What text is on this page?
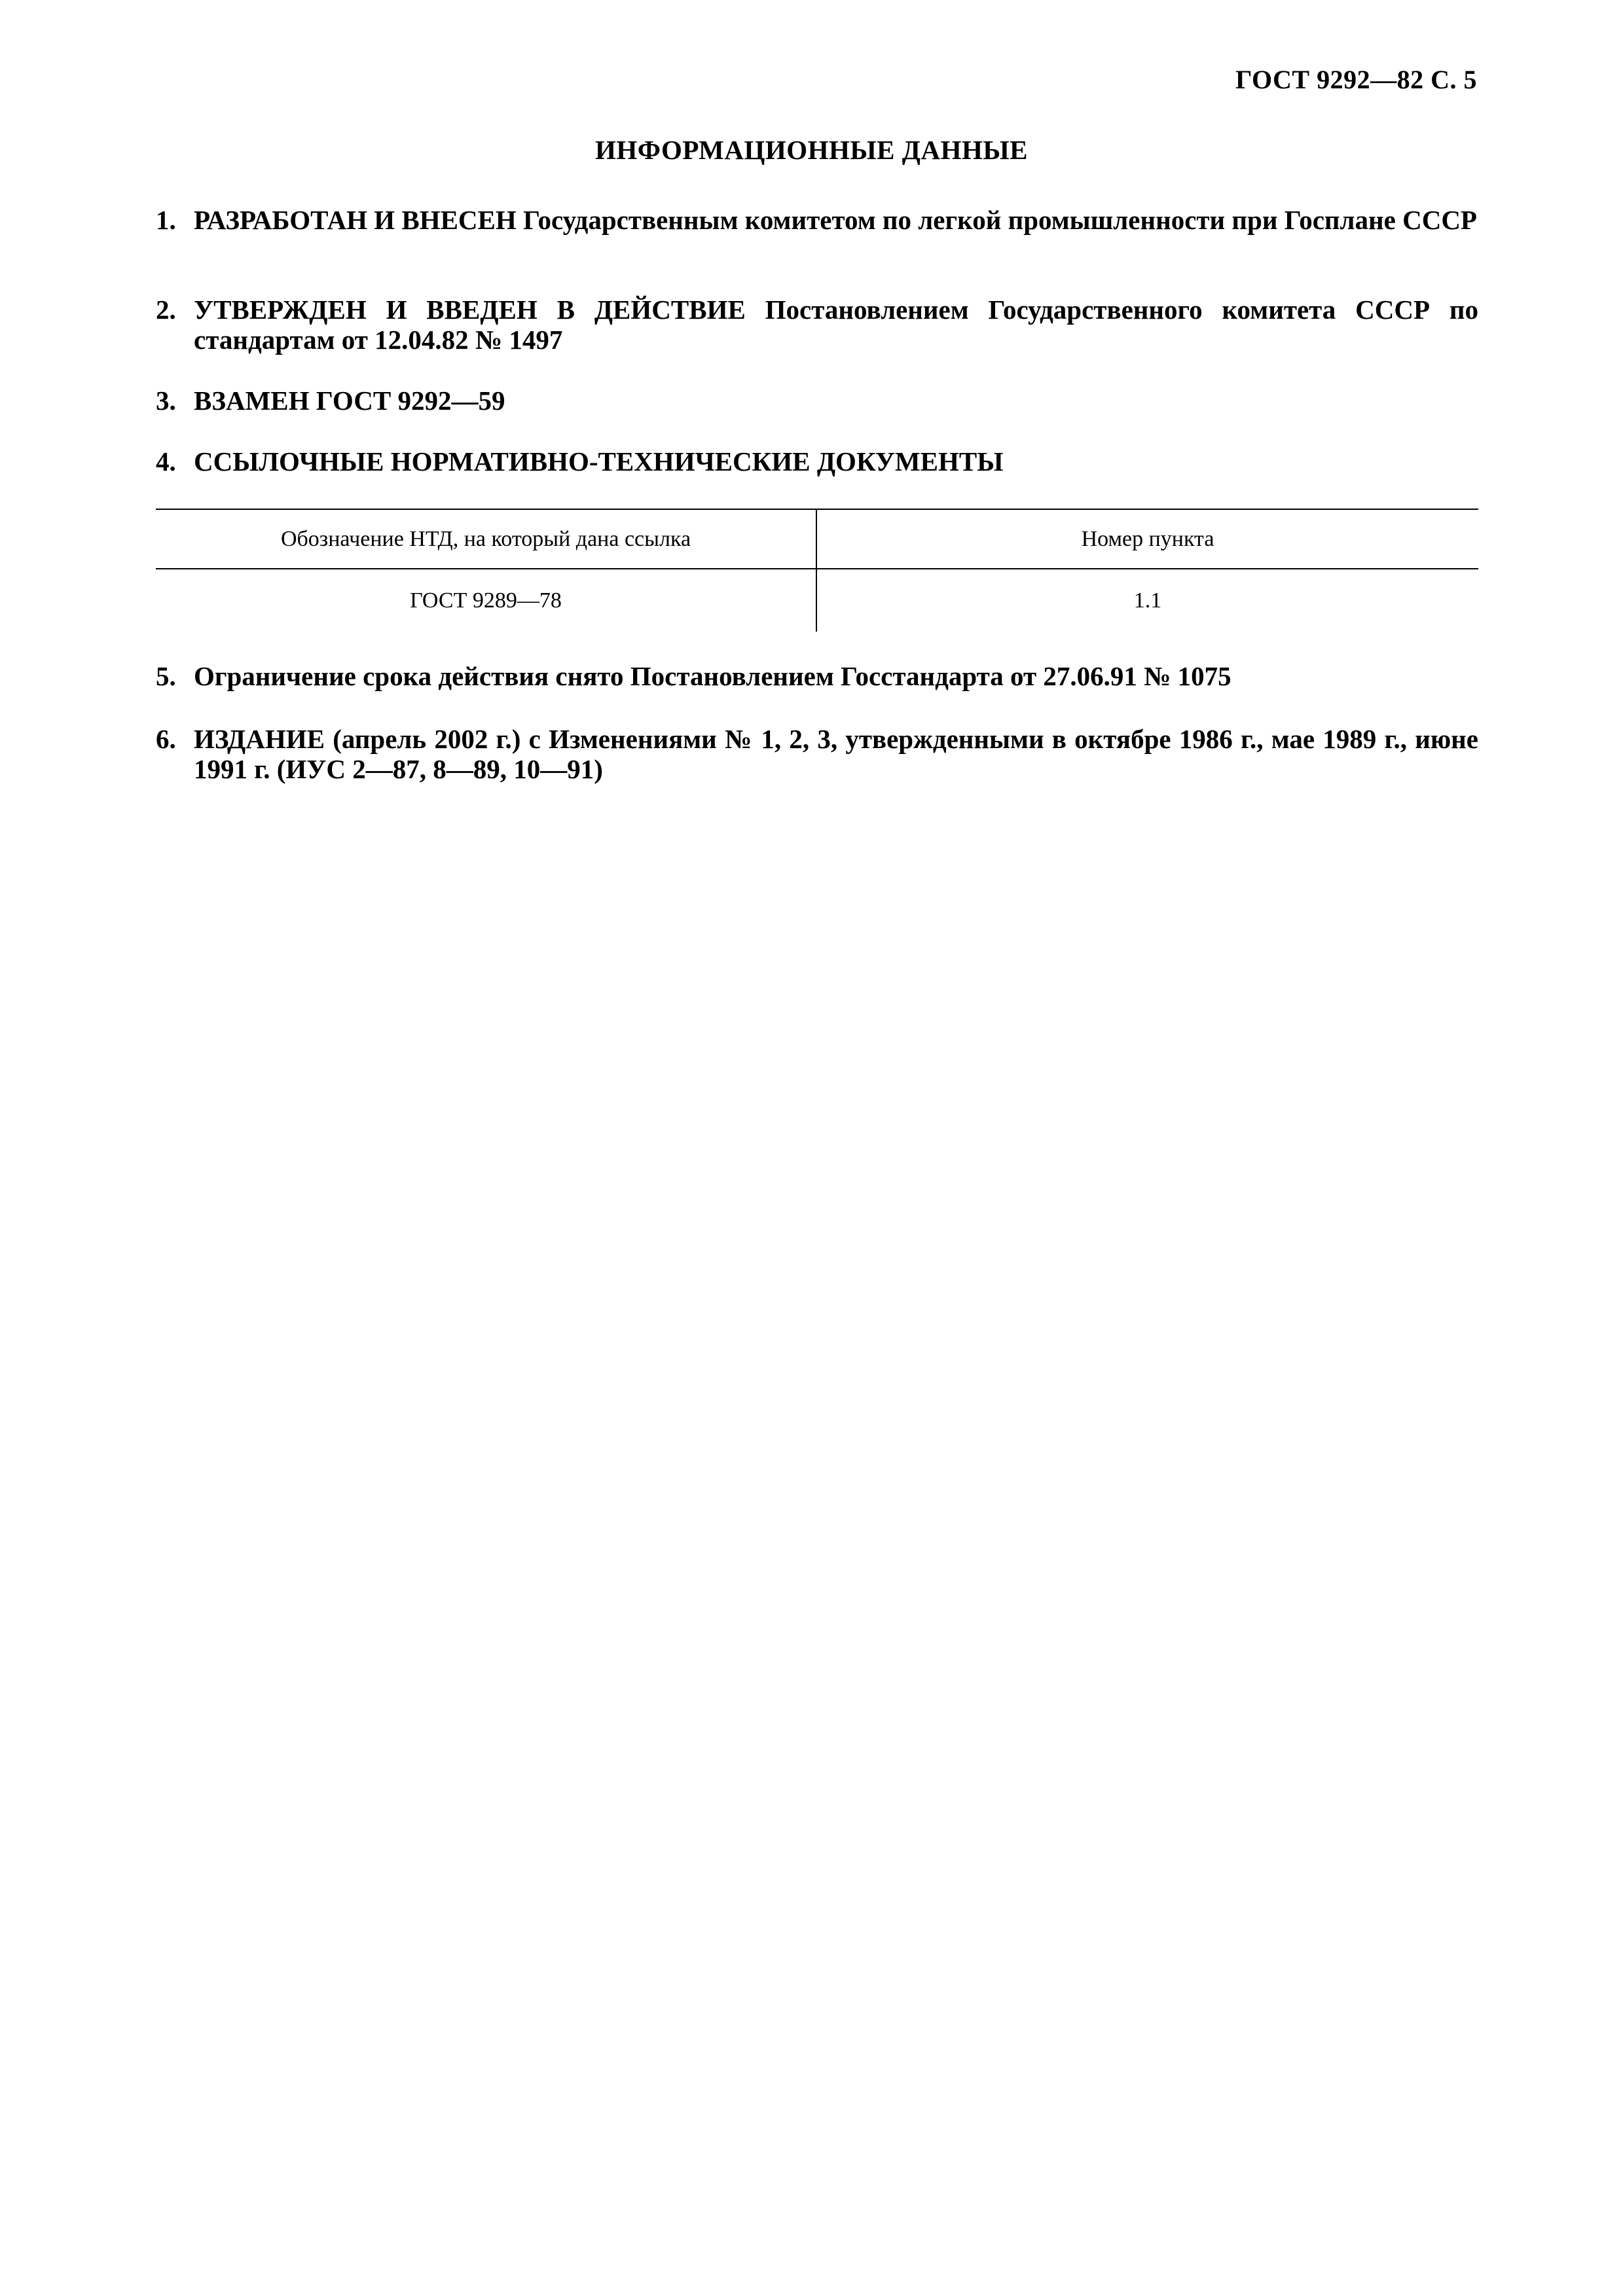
ГОСТ 9292—82 С. 5
ИНФОРМАЦИОННЫЕ ДАННЫЕ
1. РАЗРАБОТАН И ВНЕСЕН Государственным комитетом по легкой промышленности при Госплане СССР
2. УТВЕРЖДЕН И ВВЕДЕН В ДЕЙСТВИЕ Постановлением Государственного комитета СССР по стандартам от 12.04.82 № 1497
3. ВЗАМЕН ГОСТ 9292—59
4. ССЫЛОЧНЫЕ НОРМАТИВНО-ТЕХНИЧЕСКИЕ ДОКУМЕНТЫ
Обозначение НТД, на который дана ссылка	Номер пункта
ГОСТ 9289—78	1.1
5. Ограничение срока действия снято Постановлением Госстандарта от 27.06.91 № 1075
6. ИЗДАНИЕ (апрель 2002 г.) с Изменениями № 1, 2, 3, утвержденными в октябре 1986 г., мае 1989 г., июне 1991 г. (ИУС 2—87, 8—89, 10—91)
